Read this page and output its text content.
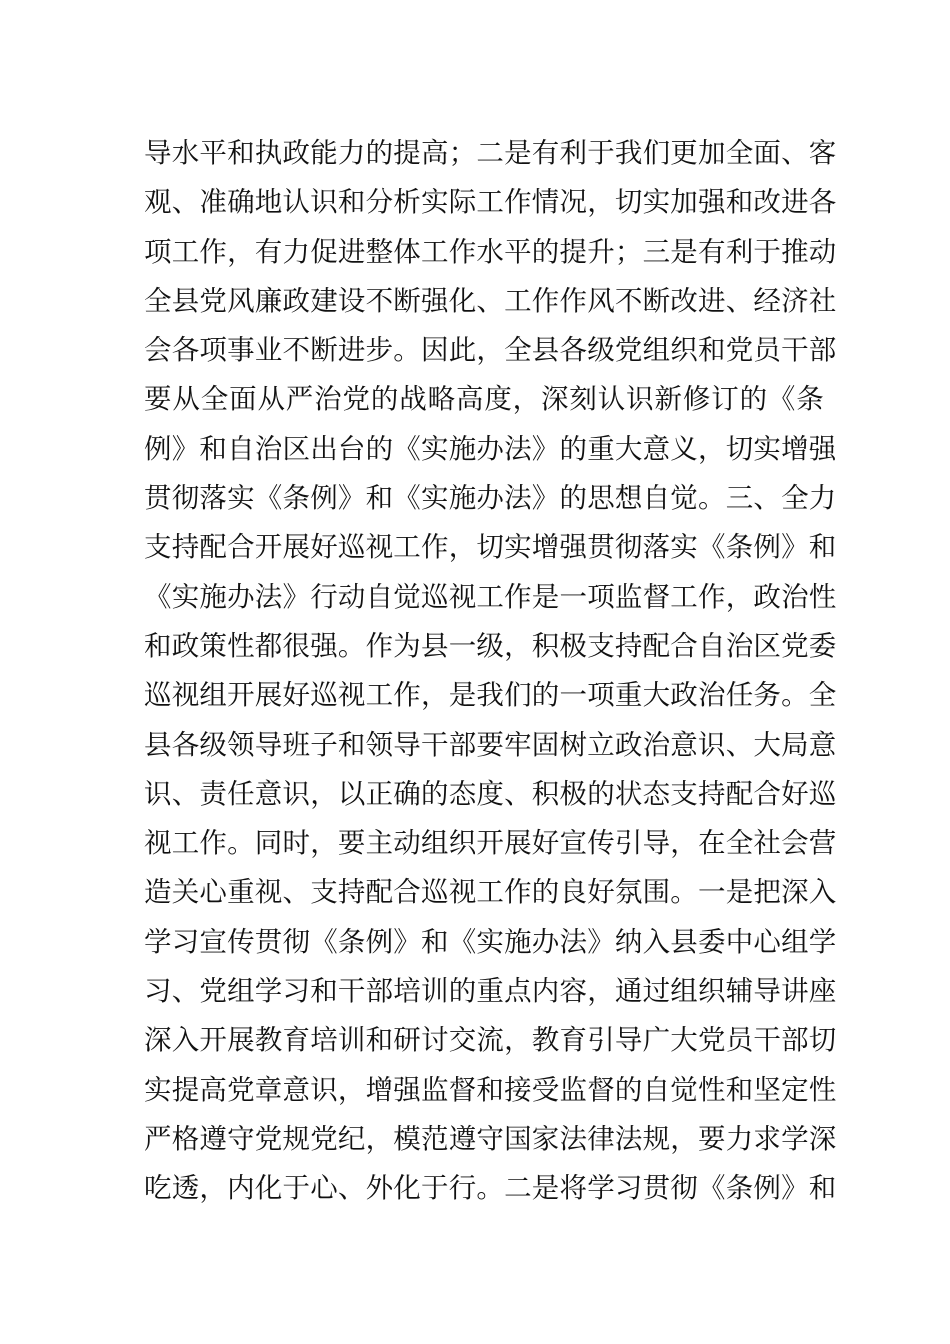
导水平和执政能力的提高；二是有利于我们更加全面、客
观、准确地认识和分析实际工作情况，切实加强和改进各
项工作，有力促进整体工作水平的提升；三是有利于推动
全县党风廉政建设不断强化、工作作风不断改进、经济社
会各项事业不断进步。因此，全县各级党组织和党员干部
要从全面从严治党的战略高度，深刻认识新修订的《条
例》和自治区出台的《实施办法》的重大意义，切实增强
贯彻落实《条例》和《实施办法》的思想自觉。三、全力
支持配合开展好巡视工作，切实增强贯彻落实《条例》和
《实施办法》行动自觉巡视工作是一项监督工作，政治性
和政策性都很强。作为县一级，积极支持配合自治区党委
巡视组开展好巡视工作，是我们的一项重大政治任务。全
县各级领导班子和领导干部要牢固树立政治意识、大局意
识、责任意识，以正确的态度、积极的状态支持配合好巡
视工作。同时，要主动组织开展好宣传引导，在全社会营
造关心重视、支持配合巡视工作的良好氛围。一是把深入
学习宣传贯彻《条例》和《实施办法》纳入县委中心组学
习、党组学习和干部培训的重点内容，通过组织辅导讲座
深入开展教育培训和研讨交流，教育引导广大党员干部切
实提高党章意识，增强监督和接受监督的自觉性和坚定性
严格遵守党规党纪，模范遵守国家法律法规，要力求学深
吃透，内化于心、外化于行。二是将学习贯彻《条例》和
